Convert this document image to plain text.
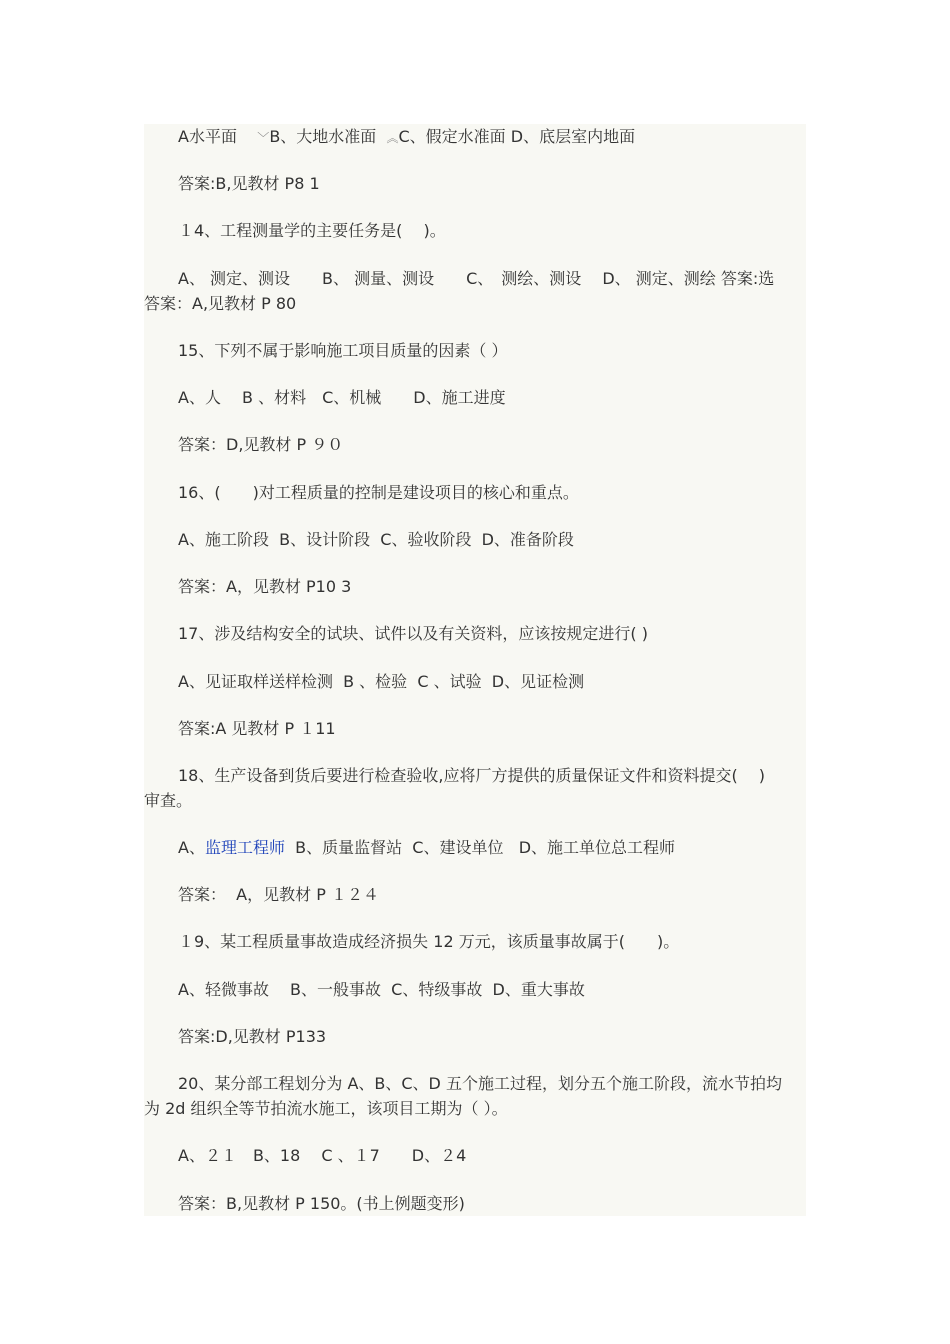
A水平面 ﹀B、大地水准面 ︽C、假定水准面 D、底层室内地面
答案:B,见教材 P8 1
１4、工程测量学的主要任务是(　 )。
A、 测定、测设　　B、 测量、测设　　C、　测绘、测设　 D、 测定、测绘 答案:选
答案：A,见教材 P 80
15、下列不属于影响施工项目质量的因素（ ）
A、人　 B 、材料　C、机械　　D、施工进度
答案：D,见教材 P ９０
16、(　　)对工程质量的控制是建设项目的核心和重点。
A、施工阶段  B、设计阶段  C、验收阶段  D、准备阶段
答案：A，见教材 P10 3
17、涉及结构安全的试块、试件以及有关资料，应该按规定进行( )
A、见证取样送样检测  B 、检验  C 、试验  D、见证检测
答案:A 见教材 P １11
18、生产设备到货后要进行检查验收,应将厂方提供的质量保证文件和资料提交(　 )
审查。
A、监理工程师  B、质量监督站  C、建设单位   D、施工单位总工程师
答案：  A，见教材 P １２４
１9、某工程质量事故造成经济损失 12 万元，该质量事故属于(　　)。
A、轻微事故　 B、一般事故  C、特级事故  D、重大事故
答案:D,见教材 P133
20、某分部工程划分为 A、B、C、D 五个施工过程，划分五个施工阶段，流水节拍均
为 2d 组织全等节拍流水施工，该项目工期为（ ）。
A、２１　B、18　 C 、１7　　D、２4
答案：B,见教材 P 150。(书上例题变形)
